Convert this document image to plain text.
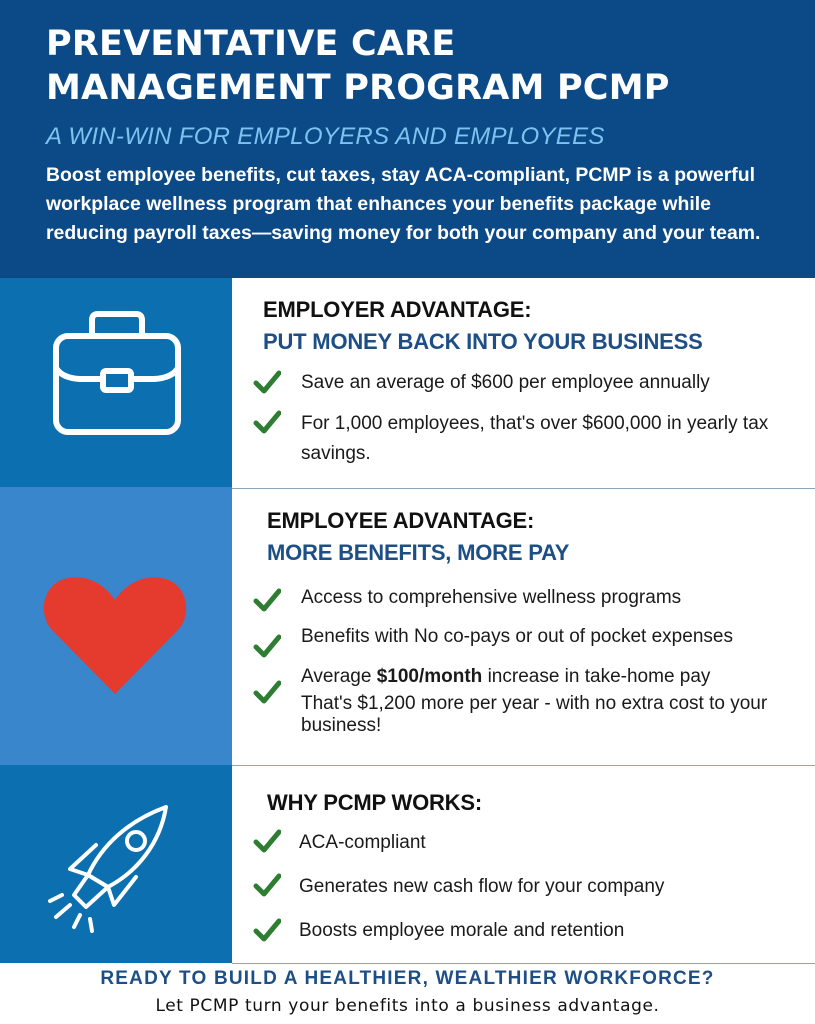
PREVENTATIVE CARE
MANAGEMENT PROGRAM PCMP
A WIN-WIN FOR EMPLOYERS AND EMPLOYEES
Boost employee benefits, cut taxes, stay ACA-compliant, PCMP is a powerful workplace wellness program that enhances your benefits package while reducing payroll taxes—saving money for both your company and your team.
EMPLOYER ADVANTAGE:
PUT MONEY BACK INTO YOUR BUSINESS
Save an average of $600 per employee annually
For 1,000 employees, that's over $600,000 in yearly tax savings.
EMPLOYEE ADVANTAGE:
MORE BENEFITS, MORE PAY
Access to comprehensive wellness programs
Benefits with No co-pays or out of pocket expenses
Average $100/month increase in take-home pay
That's $1,200 more per year - with no extra cost to your business!
WHY PCMP WORKS:
ACA-compliant
Generates new cash flow for your company
Boosts employee morale and retention
READY TO BUILD A HEALTHIER, WEALTHIER WORKFORCE?
Let PCMP turn your benefits into a business advantage.
